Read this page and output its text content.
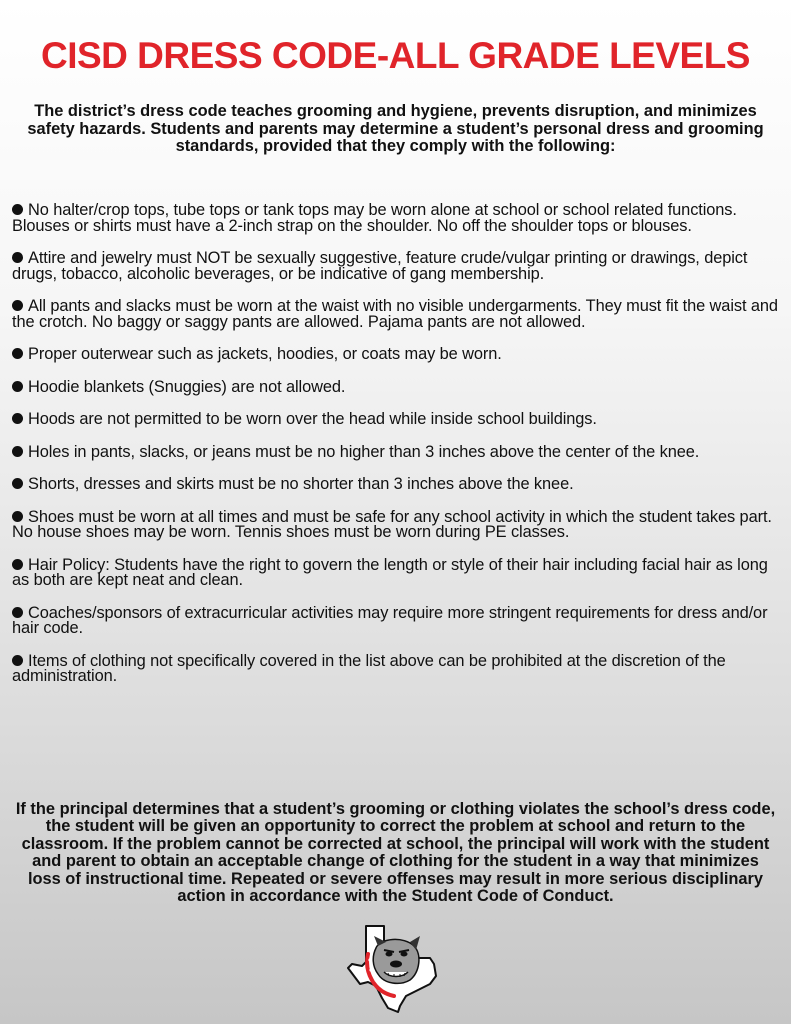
CISD DRESS CODE-ALL GRADE LEVELS

The district’s dress code teaches grooming and hygiene, prevents disruption, and minimizes safety hazards. Students and parents may determine a student’s personal dress and grooming standards, provided that they comply with the following:

No halter/crop tops, tube tops or tank tops may be worn alone at school or school related functions. Blouses or shirts must have a 2-inch strap on the shoulder. No off the shoulder tops or blouses.
Attire and jewelry must NOT be sexually suggestive, feature crude/vulgar printing or drawings, depict drugs, tobacco, alcoholic beverages, or be indicative of gang membership.
All pants and slacks must be worn at the waist with no visible undergarments. They must fit the waist and the crotch. No baggy or saggy pants are allowed. Pajama pants are not allowed.
Proper outerwear such as jackets, hoodies, or coats may be worn.
Hoodie blankets (Snuggies) are not allowed.
Hoods are not permitted to be worn over the head while inside school buildings.
Holes in pants, slacks, or jeans must be no higher than 3 inches above the center of the knee.
Shorts, dresses and skirts must be no shorter than 3 inches above the knee.
Shoes must be worn at all times and must be safe for any school activity in which the student takes part. No house shoes may be worn. Tennis shoes must be worn during PE classes.
Hair Policy: Students have the right to govern the length or style of their hair including facial hair as long as both are kept neat and clean.
Coaches/sponsors of extracurricular activities may require more stringent requirements for dress and/or hair code.
Items of clothing not specifically covered in the list above can be prohibited at the discretion of the administration.

If the principal determines that a student’s grooming or clothing violates the school’s dress code, the student will be given an opportunity to correct the problem at school and return to the classroom. If the problem cannot be corrected at school, the principal will work with the student and parent to obtain an acceptable change of clothing for the student in a way that minimizes loss of instructional time. Repeated or severe offenses may result in more serious disciplinary action in accordance with the Student Code of Conduct.
